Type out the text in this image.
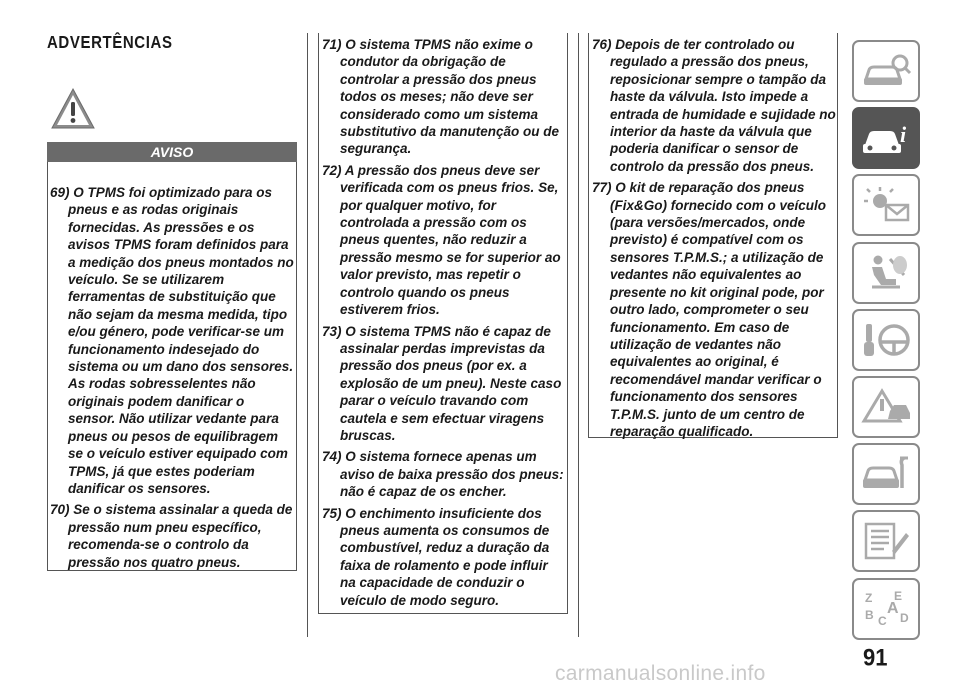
ADVERTÊNCIAS
AVISO

69) O TPMS foi optimizado para os pneus e as rodas originais fornecidas. As pressões e os avisos TPMS foram definidos para a medição dos pneus montados no veículo. Se se utilizarem ferramentas de substituição que não sejam da mesma medida, tipo e/ou género, pode verificar-se um funcionamento indesejado do sistema ou um dano dos sensores. As rodas sobresselentes não originais podem danificar o sensor. Não utilizar vedante para pneus ou pesos de equilibragem se o veículo estiver equipado com TPMS, já que estes poderiam danificar os sensores.

70) Se o sistema assinalar a queda de pressão num pneu específico, recomenda-se o controlo da pressão nos quatro pneus.

71) O sistema TPMS não exime o condutor da obrigação de controlar a pressão dos pneus todos os meses; não deve ser considerado como um sistema substitutivo da manutenção ou de segurança.

72) A pressão dos pneus deve ser verificada com os pneus frios. Se, por qualquer motivo, for controlada a pressão com os pneus quentes, não reduzir a pressão mesmo se for superior ao valor previsto, mas repetir o controlo quando os pneus estiverem frios.

73) O sistema TPMS não é capaz de assinalar perdas imprevistas da pressão dos pneus (por ex. a explosão de um pneu). Neste caso parar o veículo travando com cautela e sem efectuar viragens bruscas.

74) O sistema fornece apenas um aviso de baixa pressão dos pneus: não é capaz de os encher.

75) O enchimento insuficiente dos pneus aumenta os consumos de combustível, reduz a duração da faixa de rolamento e pode influir na capacidade de conduzir o veículo de modo seguro.

76) Depois de ter controlado ou regulado a pressão dos pneus, reposicionar sempre o tampão da haste da válvula. Isto impede a entrada de humidade e sujidade no interior da haste da válvula que poderia danificar o sensor de controlo da pressão dos pneus.

77) O kit de reparação dos pneus (Fix&Go) fornecido com o veículo (para versões/mercados, onde previsto) é compatível com os sensores T.P.M.S.; a utilização de vedantes não equivalentes ao presente no kit original pode, por outro lado, comprometer o seu funcionamento. Em caso de utilização de vedantes não equivalentes ao original, é recomendável mandar verificar o funcionamento dos sensores T.P.M.S. junto de um centro de reparação qualificado.

i
Z E
A
B C D
91
carmanualsonline.info
